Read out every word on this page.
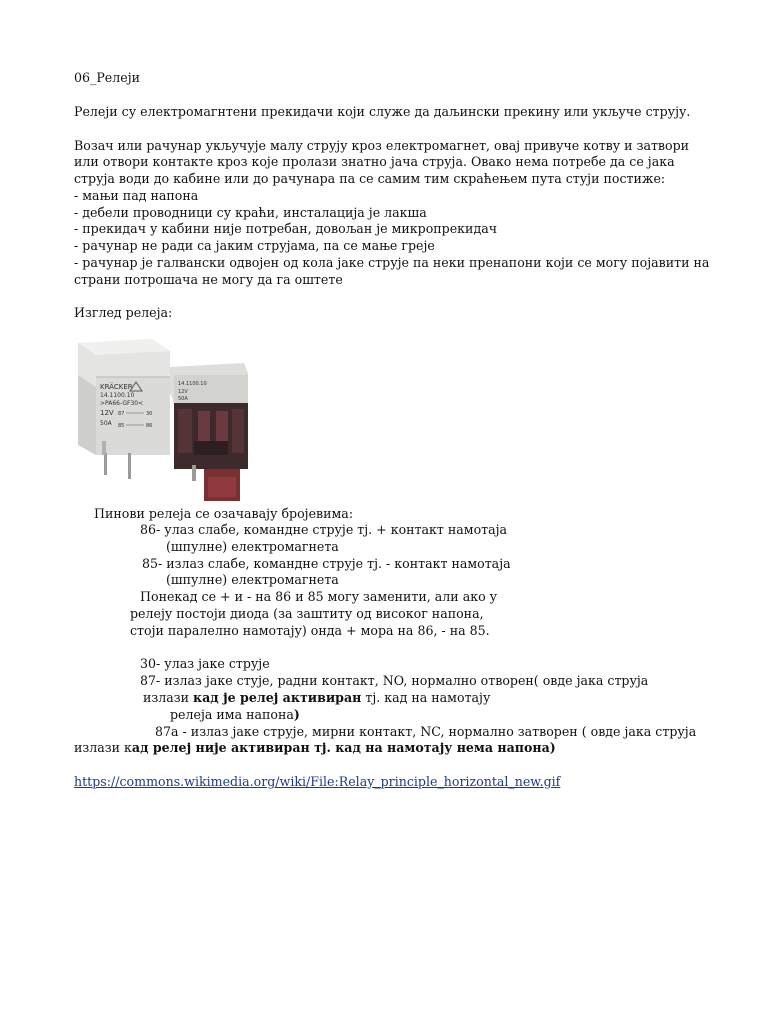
06_Релеји
Релеји су електромагнтени прекидачи који служе да даљински прекину или укључе струју.
Возач или рачунар укључује малу струју кроз електромагнет, овај привуче котву и затвори
или отвори контакте кроз које пролази знатно јача струја. Овако нема потребе да се јака
струја води до кабине или до рачунара па се самим тим скраћењем пута стуји постиже:
- мањи пад напона
- дебели проводници су краћи, инсталација је лакша
- прекидач у кабини није потребан, довољан је микропрекидач
- рачунар не ради са јаким струјама, па се мање греје
- рачунар је галвански одвојен од кола јаке струје па неки пренапони који се могу појавити на
страни потрошача не могу да га оштете
Изглед релеја:
KRÄCKER
14.1100.10
>PA66-GF30<
12V
50A
87	30
85	86
14.1100.10
12V
50A
Пинови релеја се озачавају бројевима:
86- улаз слабе, командне струје тј. + контакт намотаја
(шпулне) електромагнета
85- излаз слабе, командне струје тј. - контакт намотаја
(шпулне) електромагнета
Понекад се + и - на 86 и 85 могу заменити, али ако у
релеју постоји диода (за заштиту од високог напона,
стоји паралелно намотају) онда + мора на 86, - на 85.
30- улаз јаке струје
87- излаз јаке стује, радни контакт, NO, нормално отворен( овде јака струја
излази кад је релеј активиран тј. кад на намотају
релеја има напона)
87а - излаз јаке струје, мирни контакт, NC, нормално затворен ( овде јака струја
излази кад релеј није активиран тј. кад на намотају нема напона)
https://commons.wikimedia.org/wiki/File:Relay_principle_horizontal_new.gif
